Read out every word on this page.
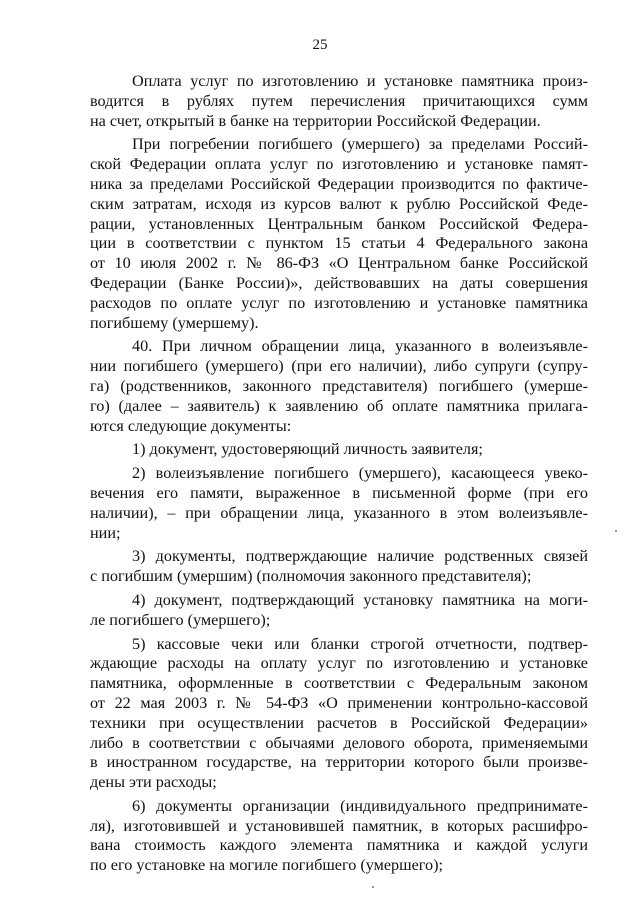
25
Оплата услуг по изготовлению и установке памятника произ-
водится в рублях путем перечисления причитающихся сумм
на счет, открытый в банке на территории Российской Федерации.
При погребении погибшего (умершего) за пределами Россий-
ской Федерации оплата услуг по изготовлению и установке памят-
ника за пределами Российской Федерации производится по фактиче-
ским затратам, исходя из курсов валют к рублю Российской Феде-
рации, установленных Центральным банком Российской Федера-
ции в соответствии с пунктом 15 статьи 4 Федерального закона
от 10 июля 2002 г. № 86-ФЗ «О Центральном банке Российской
Федерации (Банке России)», действовавших на даты совершения
расходов по оплате услуг по изготовлению и установке памятника
погибшему (умершему).
40. При личном обращении лица, указанного в волеизъявле-
нии погибшего (умершего) (при его наличии), либо супруги (супру-
га) (родственников, законного представителя) погибшего (умерше-
го) (далее – заявитель) к заявлению об оплате памятника прилага-
ются следующие документы:
1) документ, удостоверяющий личность заявителя;
2) волеизъявление погибшего (умершего), касающееся увеко-
вечения его памяти, выраженное в письменной форме (при его
наличии), – при обращении лица, указанного в этом волеизъявле-
нии;
3) документы, подтверждающие наличие родственных связей
с погибшим (умершим) (полномочия законного представителя);
4) документ, подтверждающий установку памятника на моги-
ле погибшего (умершего);
5) кассовые чеки или бланки строгой отчетности, подтвер-
ждающие расходы на оплату услуг по изготовлению и установке
памятника, оформленные в соответствии с Федеральным законом
от 22 мая 2003 г. № 54-ФЗ «О применении контрольно-кассовой
техники при осуществлении расчетов в Российской Федерации»
либо в соответствии с обычаями делового оборота, применяемыми
в иностранном государстве, на территории которого были произве-
дены эти расходы;
6) документы организации (индивидуального предпринимате-
ля), изготовившей и установившей памятник, в которых расшифро-
вана стоимость каждого элемента памятника и каждой услуги
по его установке на могиле погибшего (умершего);
